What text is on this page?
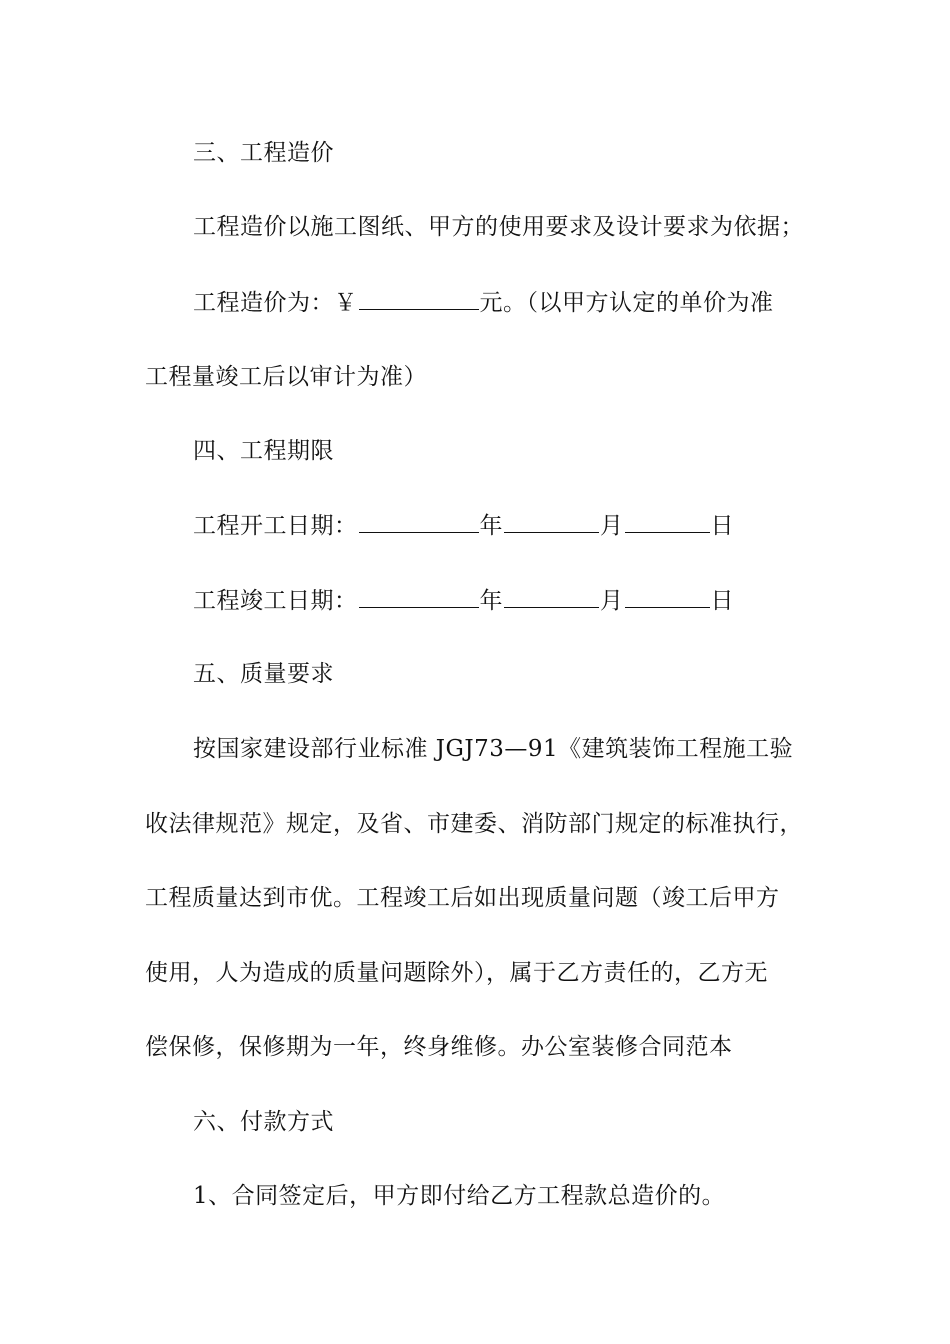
三、工程造价
工程造价以施工图纸、甲方的使用要求及设计要求为依据；
工程造价为：￥	元。（以甲方认定的单价为准
工程量竣工后以审计为准）
四、工程期限
工程开工日期：	年	月	日
工程竣工日期：	年	月	日
五、质量要求
按国家建设部行业标准 JGJ73—91《建筑装饰工程施工验
收法律规范》规定，及省、市建委、消防部门规定的标准执行，
工程质量达到市优。工程竣工后如出现质量问题（竣工后甲方
使用，人为造成的质量问题除外），属于乙方责任的，乙方无
偿保修，保修期为一年，终身维修。办公室装修合同范本
六、付款方式
1、合同签定后，甲方即付给乙方工程款总造价的。
